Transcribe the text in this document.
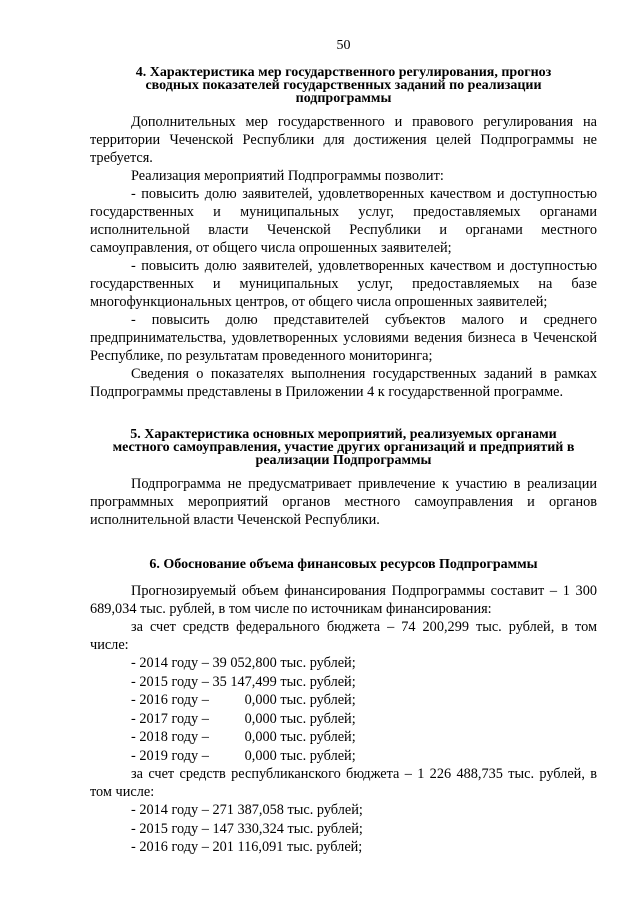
50
4. Характеристика мер государственного регулирования, прогноз
сводных показателей государственных заданий по реализации
подпрограммы

Дополнительных мер государственного и правового регулирования на территории Чеченской Республики для достижения целей Подпрограммы не требуется.

Реализация мероприятий Подпрограммы позволит:

- повысить долю заявителей, удовлетворенных качеством и доступностью государственных и муниципальных услуг, предоставляемых органами исполнительной власти Чеченской Республики и органами местного самоуправления, от общего числа опрошенных заявителей;

- повысить долю заявителей, удовлетворенных качеством и доступностью государственных и муниципальных услуг, предоставляемых на базе многофункциональных центров, от общего числа опрошенных заявителей;

- повысить долю представителей субъектов малого и среднего предпринимательства, удовлетворенных условиями ведения бизнеса в Чеченской Республике, по результатам проведенного мониторинга;

Сведения о показателях выполнения государственных заданий в рамках Подпрограммы представлены в Приложении 4 к государственной программе.

5. Характеристика основных мероприятий, реализуемых органами
местного самоуправления, участие других организаций и предприятий в
реализации Подпрограммы

Подпрограмма не предусматривает привлечение к участию в реализации программных мероприятий органов местного самоуправления и органов исполнительной власти Чеченской Республики.

6. Обоснование объема финансовых ресурсов Подпрограммы

Прогнозируемый объем финансирования Подпрограммы составит – 1 300 689,034 тыс. рублей, в том числе по источникам финансирования:

за счет средств федерального бюджета – 74 200,299 тыс. рублей, в том числе:

- 2014 году – 39 052,800 тыс. рублей;
- 2015 году – 35 147,499 тыс. рублей;
- 2016 году –          0,000 тыс. рублей;
- 2017 году –          0,000 тыс. рублей;
- 2018 году –          0,000 тыс. рублей;
- 2019 году –          0,000 тыс. рублей;

за счет средств республиканского бюджета – 1 226 488,735 тыс. рублей, в том числе:

- 2014 году – 271 387,058 тыс. рублей;
- 2015 году – 147 330,324 тыс. рублей;
- 2016 году – 201 116,091 тыс. рублей;
